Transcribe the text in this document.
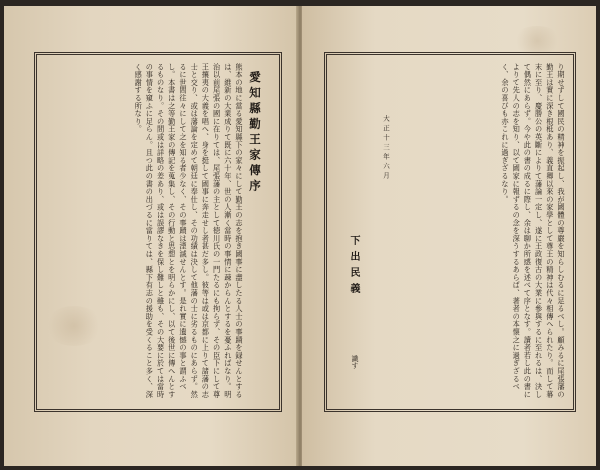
愛知縣勤王家傳序
熊本の地に當る愛知縣下の家々にして勤王の志を抱き國事に盡したる人士の事蹟を録せんとするは、維新の大業成りて既に六十年、世の人漸く當時の事情に疎からんとするを憂ふればなり。明治以前尾張の國に在りては、尾張藩の主として徳川氏の一門たるにも拘らず、その臣下にして尊王攘夷の大義を唱へ、身を挺して國事に奔走せし者甚だ多し。彼等は或は京都に上りて諸藩の志士と交り、或は藩論を定めて朝廷に奉仕し、その功績は決して他藩の士に劣るものにあらず。然るに世間往々にして之を知る者少なく、その事蹟は湮滅せんとす。是れ實に遺憾の事と謂ふべし。本書は之等勤王家の傳記を蒐集し、その行動と思想とを明らかにし、以て後世に傳へんとするものなり。その間或は詳略の差あり、或は誤謬なきを保し難しと雖も、その大要に於ては當時の事情を窺ふに足らん。且つ此の書の出づるに當りては、縣下有志の援助を受くること多く、深く感謝する所なり。	り期せずして國民の精神を振起し、我が國體の尊嚴を知らしむるに足るべし。顧みるに尾張藩の勤王は實に深き根柢あり、義直卿以來の家學として尊王の精神は代々相傳へられたり。而して幕末に至り、慶勝公の英斷によりて藩論一定し、遂に王政復古の大業に參與するに至れるは、決して偶然にあらず。今や此の書の成るに際し、余は聊か所感を述べて序となす。讀者若し此の書によりて先人の志を知り、以て國家に報ずるの念を深うするあらば、著者の本懐之に過ぎざるべく、余の喜びも亦これに過ぎざるなり。
大正十三年六月
下出民義
識す
